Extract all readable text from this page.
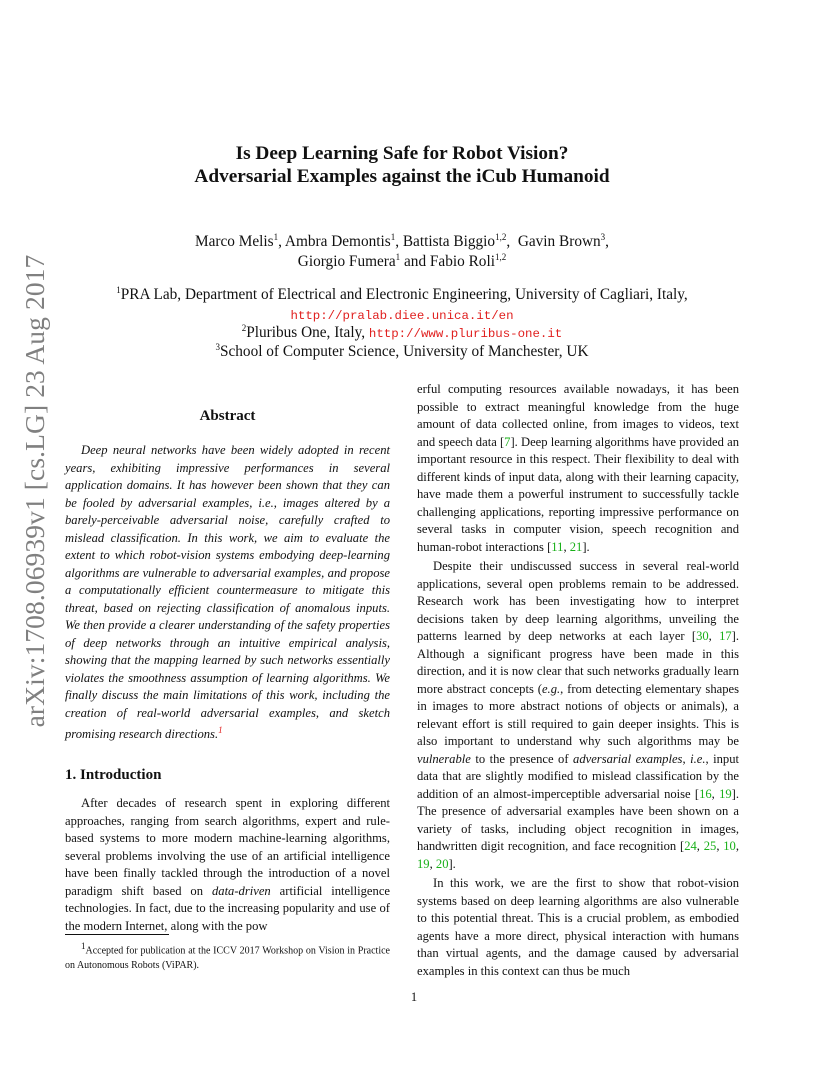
arXiv:1708.06939v1 [cs.LG] 23 Aug 2017
Is Deep Learning Safe for Robot Vision?
Adversarial Examples against the iCub Humanoid
Marco Melis$^1$, Ambra Demontis$^1$, Battista Biggio$^{1,2}$,  Gavin Brown$^3$,
Giorgio Fumera$^1$ and Fabio Roli$^{1,2}$
$^1$PRA Lab, Department of Electrical and Electronic Engineering, University of Cagliari, Italy,
http://pralab.diee.unica.it/en
$^2$Pluribus One, Italy, http://www.pluribus-one.it
$^3$School of Computer Science, University of Manchester, UK
Abstract

Deep neural networks have been widely adopted in recent years, exhibiting impressive performances in several application domains. It has however been shown that they can be fooled by adversarial examples, i.e., images altered by a barely-perceivable adversarial noise, carefully crafted to mislead classification. In this work, we aim to evaluate the extent to which robot-vision systems embodying deep-learning algorithms are vulnerable to adversarial examples, and propose a computationally efficient countermeasure to mitigate this threat, based on rejecting classification of anomalous inputs. We then provide a clearer understanding of the safety properties of deep networks through an intuitive empirical analysis, showing that the mapping learned by such networks essentially violates the smoothness assumption of learning algorithms. We finally discuss the main limitations of this work, including the creation of real-world adversarial examples, and sketch promising research directions.$^1$

1. Introduction

After decades of research spent in exploring different approaches, ranging from search algorithms, expert and rule-based systems to more modern machine-learning algorithms, several problems involving the use of an artificial intelligence have been finally tackled through the introduction of a novel paradigm shift based on data-driven artificial intelligence technologies. In fact, due to the increasing popularity and use of the modern Internet, along with the pow

$^1$Accepted for publication at the ICCV 2017 Workshop on Vision in Practice on Autonomous Robots (ViPAR).

erful computing resources available nowadays, it has been possible to extract meaningful knowledge from the huge amount of data collected online, from images to videos, text and speech data [7]. Deep learning algorithms have provided an important resource in this respect. Their flexibility to deal with different kinds of input data, along with their learning capacity, have made them a powerful instrument to successfully tackle challenging applications, reporting impressive performance on several tasks in computer vision, speech recognition and human-robot interactions [11, 21].

Despite their undiscussed success in several real-world applications, several open problems remain to be addressed. Research work has been investigating how to interpret decisions taken by deep learning algorithms, unveiling the patterns learned by deep networks at each layer [30, 17]. Although a significant progress have been made in this direction, and it is now clear that such networks gradually learn more abstract concepts (e.g., from detecting elementary shapes in images to more abstract notions of objects or animals), a relevant effort is still required to gain deeper insights. This is also important to understand why such algorithms may be vulnerable to the presence of adversarial examples, i.e., input data that are slightly modified to mislead classification by the addition of an almost-imperceptible adversarial noise [16, 19]. The presence of adversarial examples have been shown on a variety of tasks, including object recognition in images, handwritten digit recognition, and face recognition [24, 25, 10, 19, 20].

In this work, we are the first to show that robot-vision systems based on deep learning algorithms are also vulnerable to this potential threat. This is a crucial problem, as embodied agents have a more direct, physical interaction with humans than virtual agents, and the damage caused by adversarial examples in this context can thus be much

1
